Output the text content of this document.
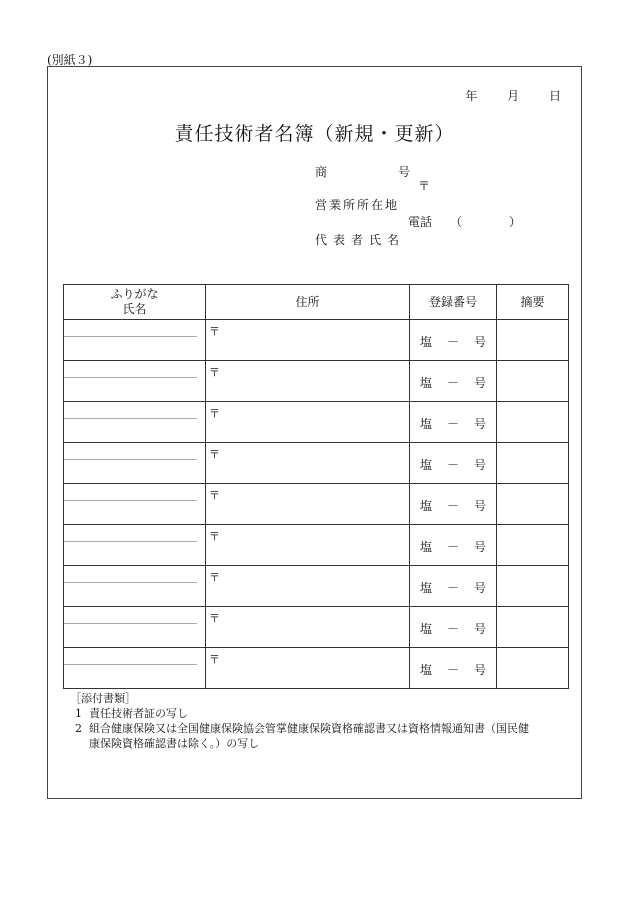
(別紙３)
年 月 日
責任技術者名簿（新規・更新）
商	号
〒
営業所所在地
電話 （	）
代表者氏名
ふりがな
氏名	住所	登録番号	摘要

	〒	塩 － 号	

	〒	塩 － 号	

	〒	塩 － 号	

	〒	塩 － 号	

	〒	塩 － 号	

	〒	塩 － 号	

	〒	塩 － 号	

	〒	塩 － 号	

	〒	塩 － 号	

［添付書類］
1 責任技術者証の写し
2 組合健康保険又は全国健康保険協会管掌健康保険資格確認書又は資格情報通知書（国民健康保険資格確認書は除く。）の写し
